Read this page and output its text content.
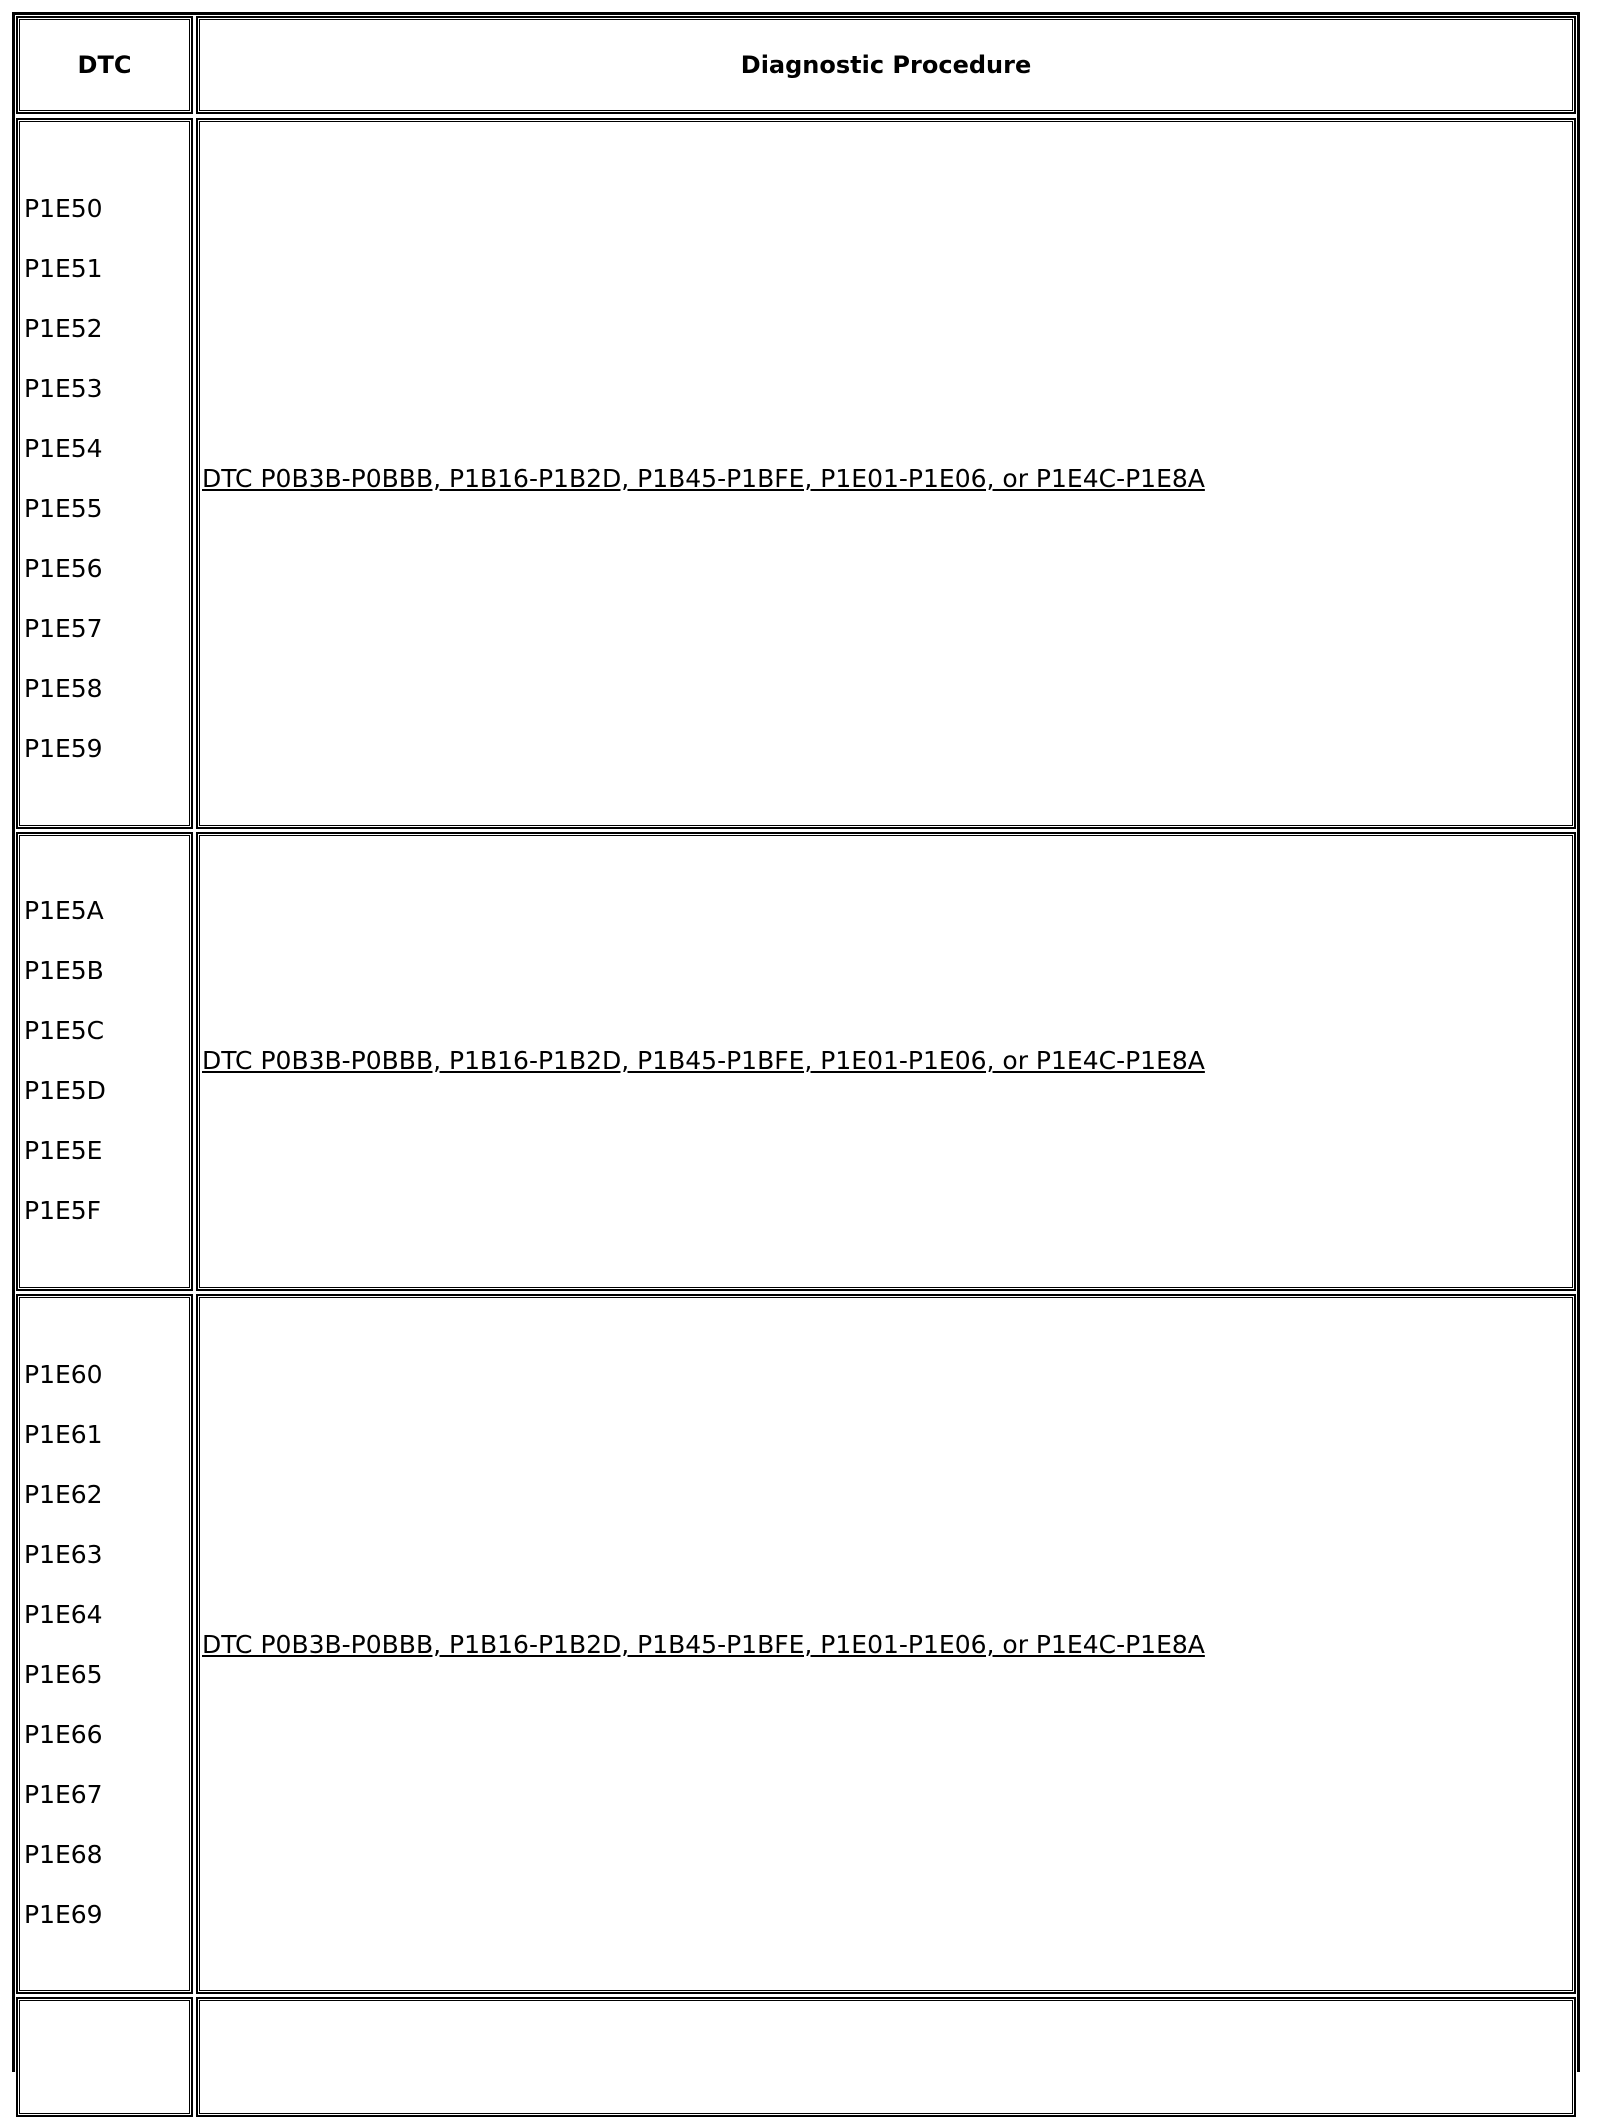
DTC	Diagnostic Procedure
P1E50
P1E51
P1E52
P1E53
P1E54
P1E55
P1E56
P1E57
P1E58
P1E59
DTC P0B3B-P0BBB, P1B16-P1B2D, P1B45-P1BFE, P1E01-P1E06, or P1E4C-P1E8A
P1E5A
P1E5B
P1E5C
P1E5D
P1E5E
P1E5F
DTC P0B3B-P0BBB, P1B16-P1B2D, P1B45-P1BFE, P1E01-P1E06, or P1E4C-P1E8A
P1E60
P1E61
P1E62
P1E63
P1E64
P1E65
P1E66
P1E67
P1E68
P1E69
DTC P0B3B-P0BBB, P1B16-P1B2D, P1B45-P1BFE, P1E01-P1E06, or P1E4C-P1E8A
